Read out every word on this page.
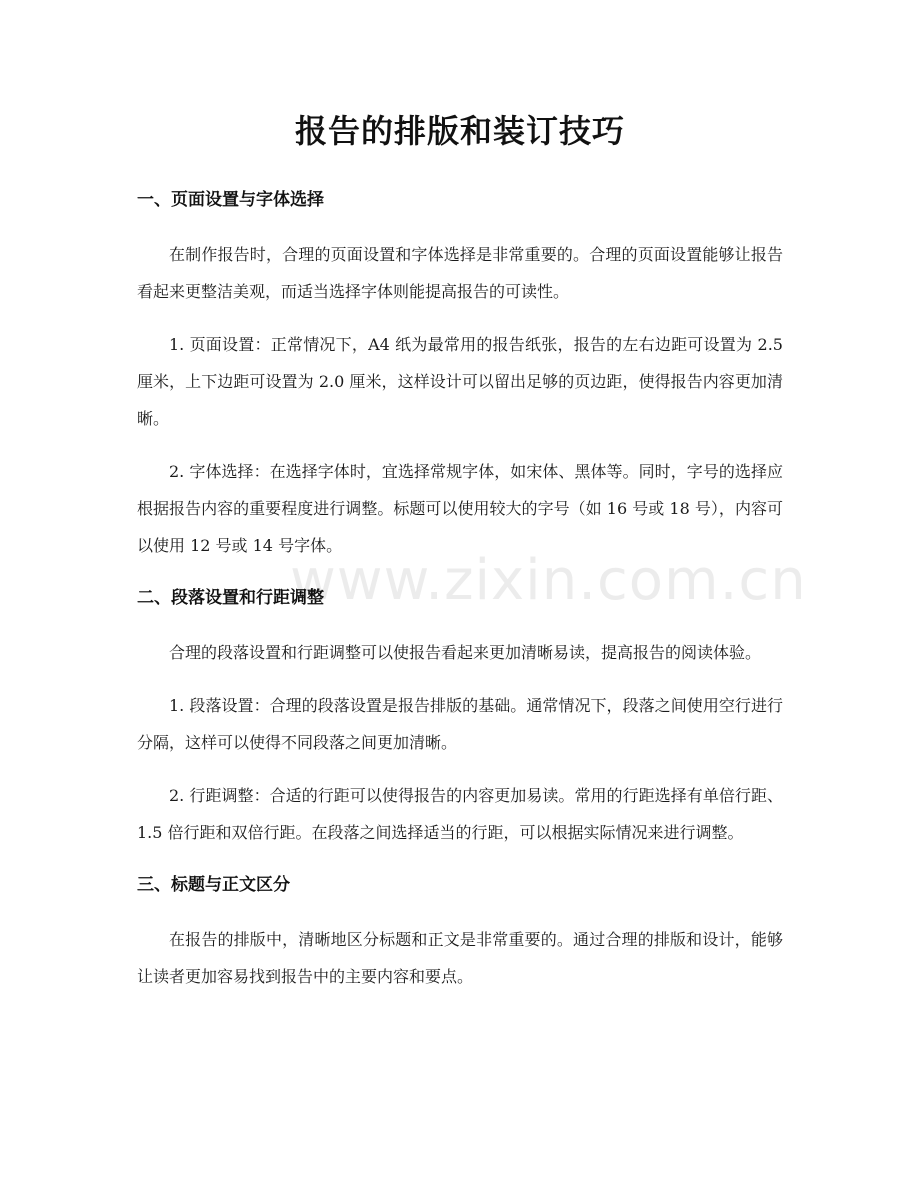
报告的排版和装订技巧
www.zixin.com.cn
一、页面设置与字体选择

在制作报告时，合理的页面设置和字体选择是非常重要的。合理的页面设置能够让报告看起来更整洁美观，而适当选择字体则能提高报告的可读性。

1. 页面设置：正常情况下，A4 纸为最常用的报告纸张，报告的左右边距可设置为 2.5 厘米，上下边距可设置为 2.0 厘米，这样设计可以留出足够的页边距，使得报告内容更加清晰。

2. 字体选择：在选择字体时，宜选择常规字体，如宋体、黑体等。同时，字号的选择应根据报告内容的重要程度进行调整。标题可以使用较大的字号（如 16 号或 18 号），内容可以使用 12 号或 14 号字体。

二、段落设置和行距调整

合理的段落设置和行距调整可以使报告看起来更加清晰易读，提高报告的阅读体验。

1. 段落设置：合理的段落设置是报告排版的基础。通常情况下，段落之间使用空行进行分隔，这样可以使得不同段落之间更加清晰。

2. 行距调整：合适的行距可以使得报告的内容更加易读。常用的行距选择有单倍行距、1.5 倍行距和双倍行距。在段落之间选择适当的行距，可以根据实际情况来进行调整。

三、标题与正文区分

在报告的排版中，清晰地区分标题和正文是非常重要的。通过合理的排版和设计，能够让读者更加容易找到报告中的主要内容和要点。
